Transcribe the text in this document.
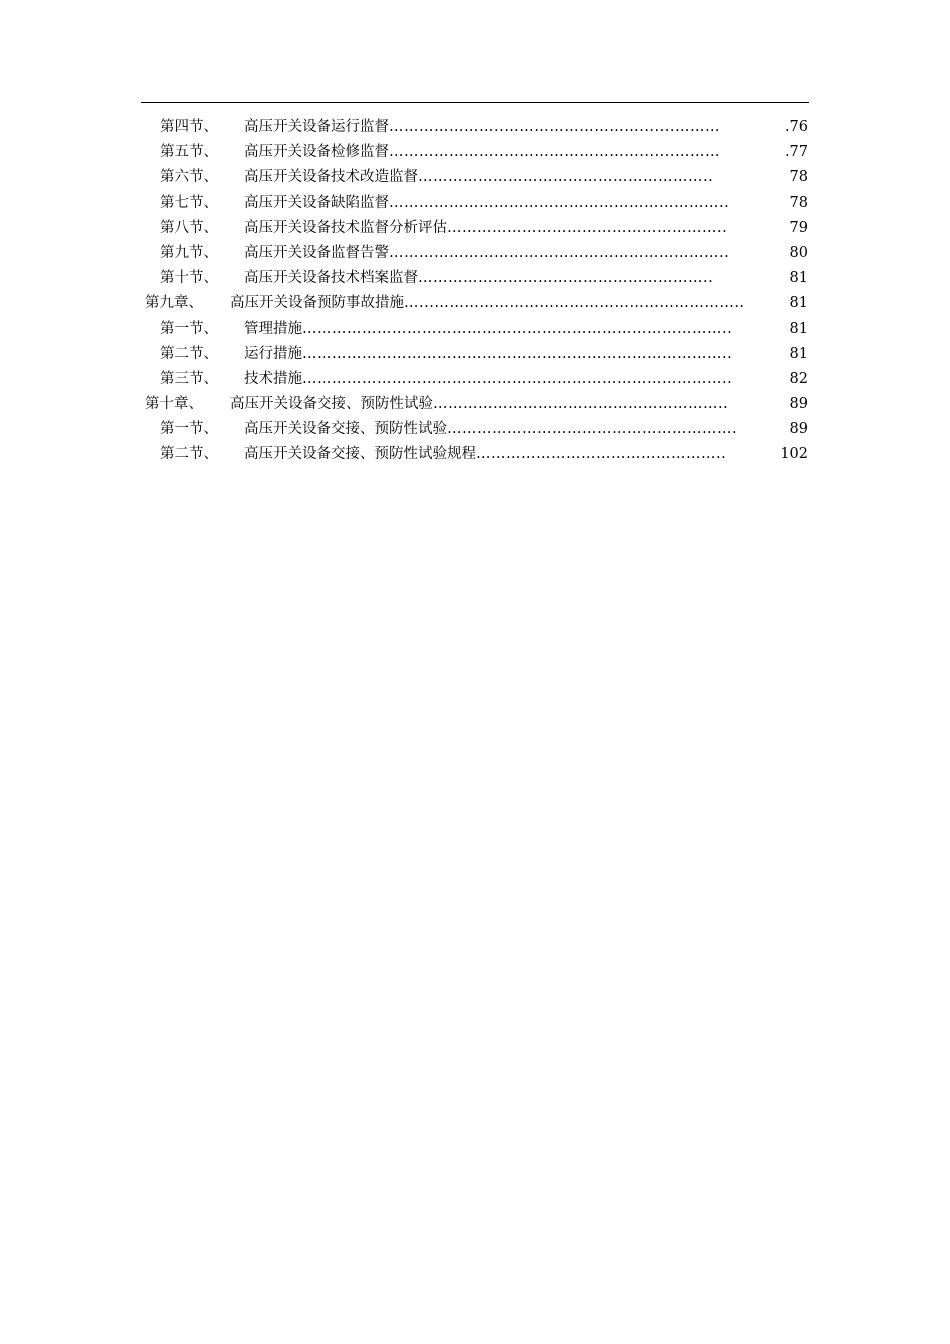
第四节、 高压开关设备运行监督 …………………..……………………….......………	.76
第五节、 高压开关设备检修监督 …………………..……………………….......………	.77
第六节、 高压开关设备技术改造监督 …………………………………………………..	78
第七节、 高压开关设备缺陷监督 …………………………………………………………..	78
第八节、 高压开关设备技术监督分析评估 ………………………………………………..	79
第九节、 高压开关设备监督告警 …………………………………………………………..	80
第十节、 高压开关设备技术档案监督 …………………………………………………..	81
第九章、 高压开关设备预防事故措施 …...……………………………………………………..	81
第一节、 管理措施 …………………………………………………………………………..	81
第二节、 运行措施 …………………………………………………………………………..	81
第三节、 技术措施 …………………………………………………………………………..	82
第十章、 高压开关设备交接、预防性试验 …………………………………………………..	89
第一节、 高压开关设备交接、预防性试验 ………………………………………………….	89
第二节、 高压开关设备交接、预防性试验规程 …………………………………………..	102
